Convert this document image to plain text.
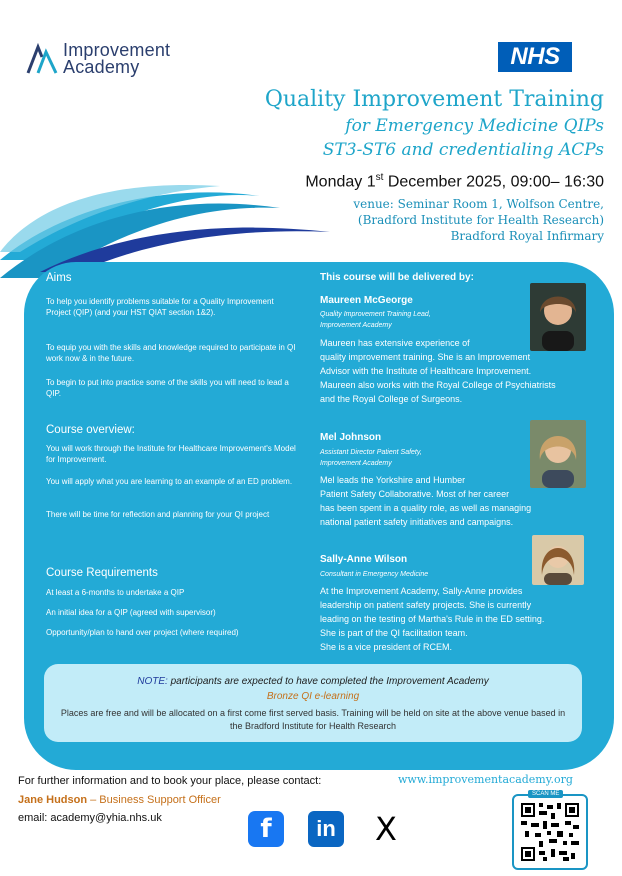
Improvement
Academy	NHS
Quality Improvement Training
for Emergency Medicine QIPs
ST3-ST6 and credentialing ACPs
Monday 1st December 2025, 09:00– 16:30
venue: Seminar Room 1, Wolfson Centre,
(Bradford Institute for Health Research)
Bradford Royal Infirmary
Aims
To help you identify problems suitable for a Quality Improvement Project (QIP) (and your HST QIAT section 1&2).
To equip you with the skills and knowledge required to participate in QI work now & in the future.
To begin to put into practice some of the skills you will need to lead a QIP.
Course overview:
You will work through the Institute for Healthcare Improvement's Model for Improvement.
You will apply what you are learning to an example of an ED problem.
There will be time for reflection and planning for your QI project
Course Requirements
At least a 6-months to undertake a QIP
An initial idea for a QIP (agreed with supervisor)
Opportunity/plan to hand over project (where required)
This course will be delivered by:
Maureen McGeorge
Quality Improvement Training Lead,
Improvement Academy
Maureen has extensive experience of
quality improvement training. She is an Improvement
Advisor with the Institute of Healthcare Improvement.
Maureen also works with the Royal College of Psychiatrists
and the Royal College of Surgeons.
Mel Johnson
Assistant Director Patient Safety,
Improvement Academy
Mel leads the Yorkshire and Humber
Patient Safety Collaborative. Most of her career
has been spent in a quality role, as well as managing
national patient safety initiatives and campaigns.
Sally-Anne Wilson
Consultant in Emergency Medicine
At the Improvement Academy, Sally-Anne provides
leadership on patient safety projects. She is currently
leading on the testing of Martha's Rule in the ED setting.
She is part of the QI facilitation team.
She is a vice president of RCEM.
NOTE: participants are expected to have completed the Improvement Academy
Bronze QI e-learning
Places are free and will be allocated on a first come first served basis. Training will be held on site at the above venue based in the Bradford Institute for Health Research
For further information and to book your place, please contact:
Jane Hudson – Business Support Officer
email: academy@yhia.nhs.uk
www.improvementacademy.org
f	in X
SCAN ME
